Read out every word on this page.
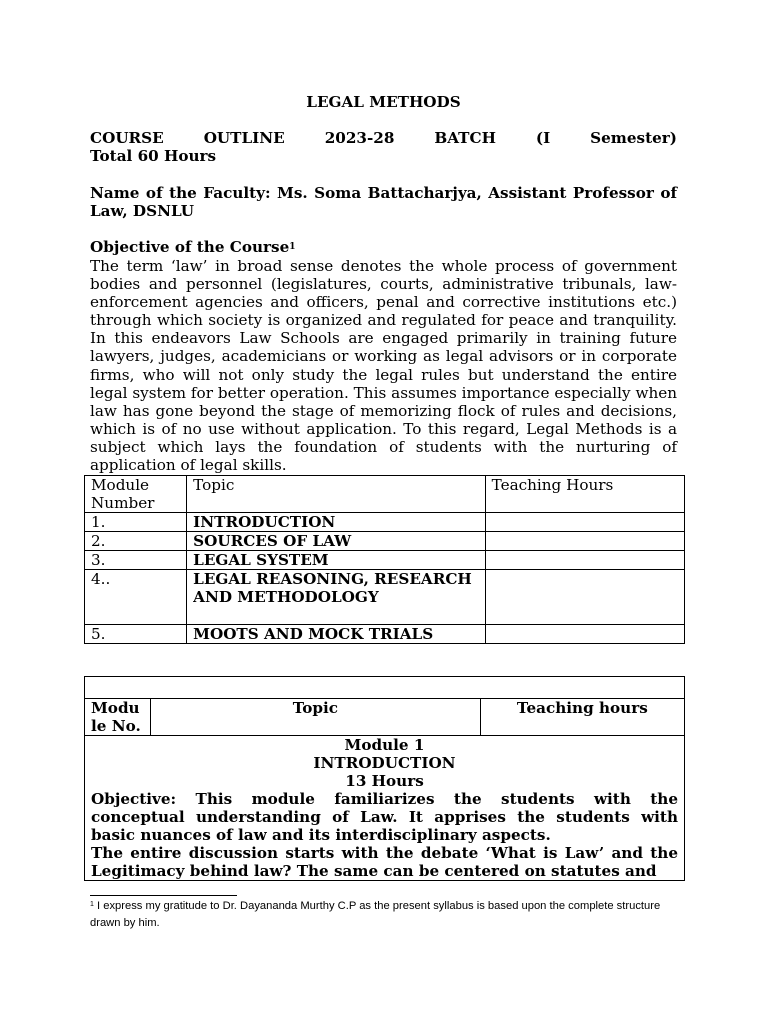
LEGAL METHODS
COURSE	OUTLINE	2023-28	BATCH	(I	Semester)
Total 60 Hours
Name of the Faculty: Ms. Soma Battacharjya, Assistant Professor of
Law, DSNLU
Objective of the Course$^1$
The term ‘law’ in broad sense denotes the whole process of government bodies and personnel (legislatures, courts, administrative tribunals, law-enforcement agencies and officers, penal and corrective institutions etc.) through which society is organized and regulated for peace and tranquility. In this endeavors Law Schools are engaged primarily in training future lawyers, judges, academicians or working as legal advisors or in corporate firms, who will not only study the legal rules but understand the entire legal system for better operation. This assumes importance especially when law has gone beyond the stage of memorizing flock of rules and decisions, which is of no use without application. To this regard, Legal Methods is a subject which lays the foundation of students with the nurturing of application of legal skills.
Module
Number	Topic	Teaching Hours
1.	INTRODUCTION	
2.	SOURCES OF LAW	
3.	LEGAL SYSTEM	
4..	LEGAL REASONING, RESEARCH
AND METHODOLOGY	

5.	MOOTS AND MOCK TRIALS	

Modu
le No.
	Topic	Teaching hours

Module 1
INTRODUCTION
13 Hours
Objective: This module familiarizes the students with the conceptual understanding of Law. It apprises the students with basic nuances of law and its interdisciplinary aspects.
The entire discussion starts with the debate ‘What is Law’ and the Legitimacy behind law? The same can be centered on statutes and
$^1$ I express my gratitude to Dr. Dayananda Murthy C.P as the present syllabus is based upon the complete structure drawn by him.
